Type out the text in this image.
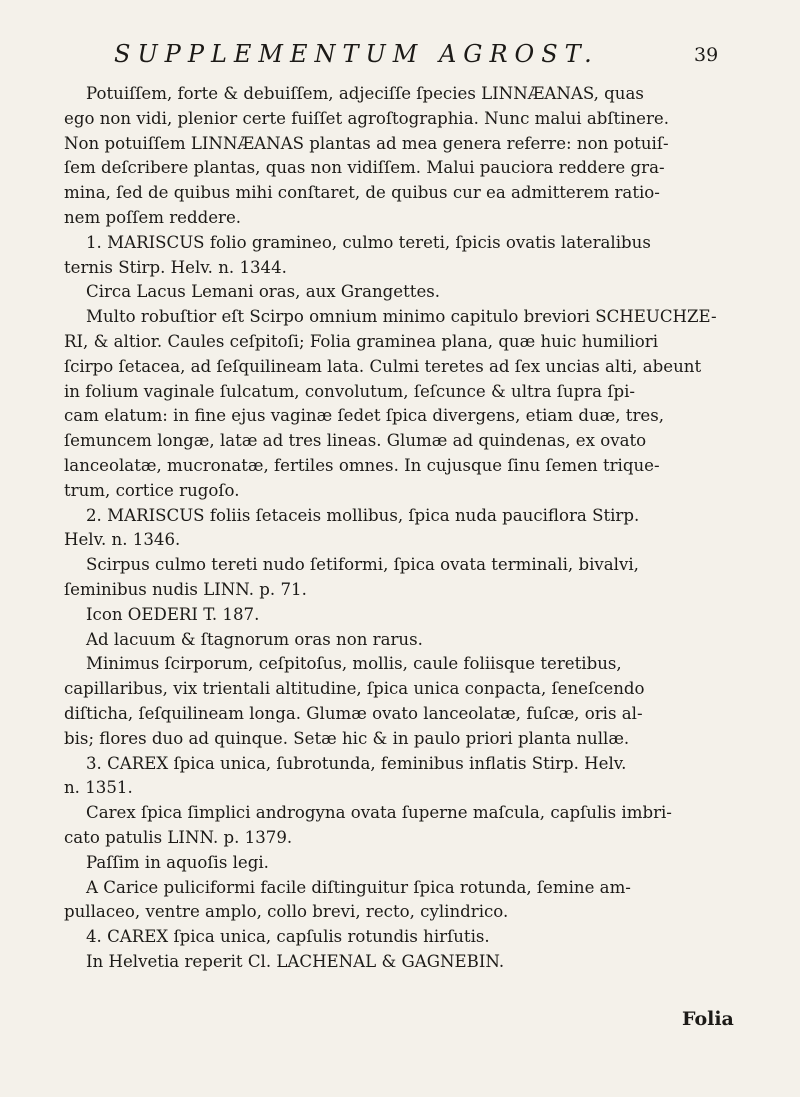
SUPPLEMENTUM AGROST.	39
Potuiſſem, forte & debuiſſem, adjeciſſe ſpecies LINNÆANAS, quas
ego non vidi, plenior certe fuiſſet agroſtographia. Nunc malui abſtinere.
Non potuiſſem LINNÆANAS plantas ad mea genera referre: non potuiſ-
ſem deſcribere plantas, quas non vidiſſem. Malui pauciora reddere gra-
mina, ſed de quibus mihi conſtaret, de quibus cur ea admitterem ratio-
nem poſſem reddere.
1. MARISCUS folio gramineo, culmo tereti, ſpicis ovatis lateralibus
ternis Stirp. Helv. n. 1344.
Circa Lacus Lemani oras, aux Grangettes.
Multo robuſtior eſt Scirpo omnium minimo capitulo breviori SCHEUCHZE-
RI, & altior. Caules ceſpitoſi; Folia graminea plana, quæ huic humiliori
ſcirpo ſetacea, ad ſeſquilineam lata. Culmi teretes ad ſex uncias alti, abeunt
in folium vaginale ſulcatum, convolutum, ſeſcunce & ultra ſupra ſpi-
cam elatum: in fine ejus vaginæ ſedet ſpica divergens, etiam duæ, tres,
ſemuncem longæ, latæ ad tres lineas. Glumæ ad quindenas, ex ovato
lanceolatæ, mucronatæ, fertiles omnes. In cujusque ſinu ſemen trique-
trum, cortice rugoſo.
2. MARISCUS foliis ſetaceis mollibus, ſpica nuda pauciflora Stirp.
Helv. n. 1346.
Scirpus culmo tereti nudo ſetiformi, ſpica ovata terminali, bivalvi,
ſeminibus nudis LINN. p. 71.
Icon OEDERI T. 187.
Ad lacuum & ſtagnorum oras non rarus.
Minimus ſcirporum, ceſpitoſus, mollis, caule foliisque teretibus,
capillaribus, vix trientali altitudine, ſpica unica conpacta, ſeneſcendo
diſticha, ſeſquilineam longa. Glumæ ovato lanceolatæ, fuſcæ, oris al-
bis; flores duo ad quinque. Setæ hic & in paulo priori planta nullæ.
3. CAREX ſpica unica, ſubrotunda, feminibus inflatis Stirp. Helv.
n. 1351.
Carex ſpica ſimplici androgyna ovata ſuperne maſcula, capſulis imbri-
cato patulis LINN. p. 1379.
Paſſim in aquoſis legi.
A Carice puliciformi facile diſtinguitur ſpica rotunda, ſemine am-
pullaceo, ventre amplo, collo brevi, recto, cylindrico.
4. CAREX ſpica unica, capſulis rotundis hirſutis.
In Helvetia reperit Cl. LACHENAL & GAGNEBIN.
Folia
